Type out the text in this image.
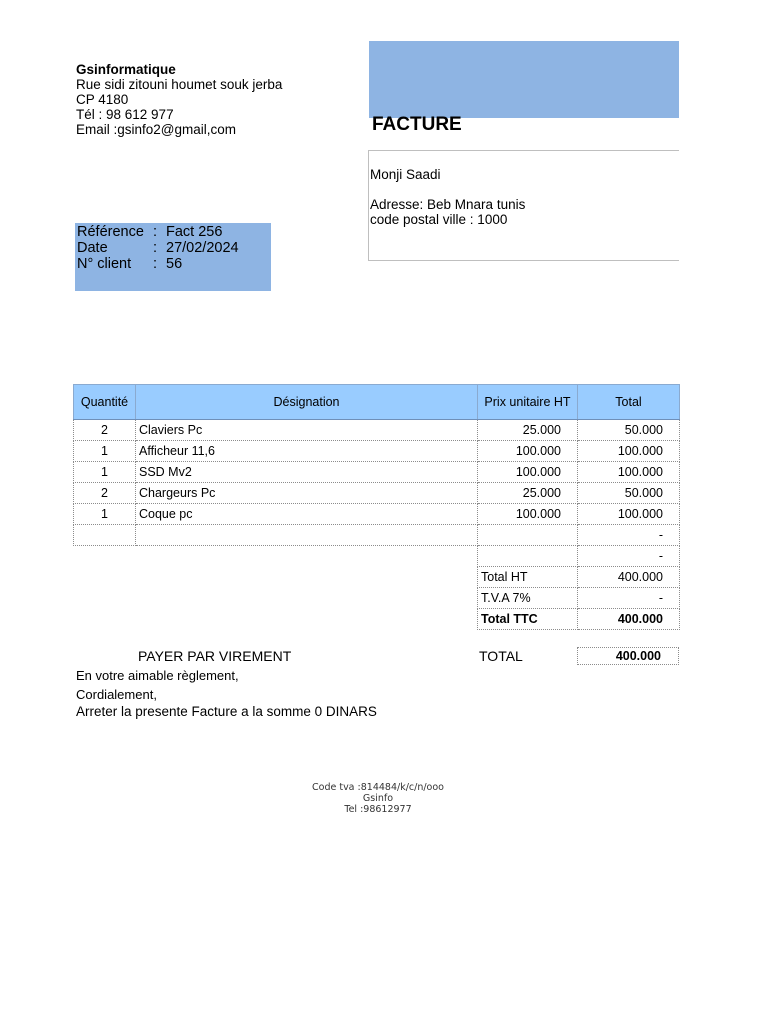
Gsinformatique
Rue sidi zitouni houmet souk jerba
CP 4180
Tél : 98 612 977
Email :gsinfo2@gmail,com	FACTURE
Monji Saadi
Adresse: Beb Mnara tunis
code postal ville : 1000
Référence : Fact 256
Date	: 27/02/2024
N° client : 56
Quantité	Désignation	Prix unitaire HT	Total
2	Claviers Pc	25.000	50.000
1	Afficheur 11,6	100.000	100.000
1	SSD Mv2	100.000	100.000
2	Chargeurs Pc	25.000	50.000
1	Coque pc	100.000	100.000
			-
			-
		Total HT	400.000
		T.V.A 7%	-
		Total TTC	400.000
PAYER PAR VIREMENT	TOTAL	400.000
En votre aimable règlement,
Cordialement,
Arreter la presente Facture a la somme 0 DINARS
Code tva :814484/k/c/n/ooo
Gsinfo
Tel :98612977
